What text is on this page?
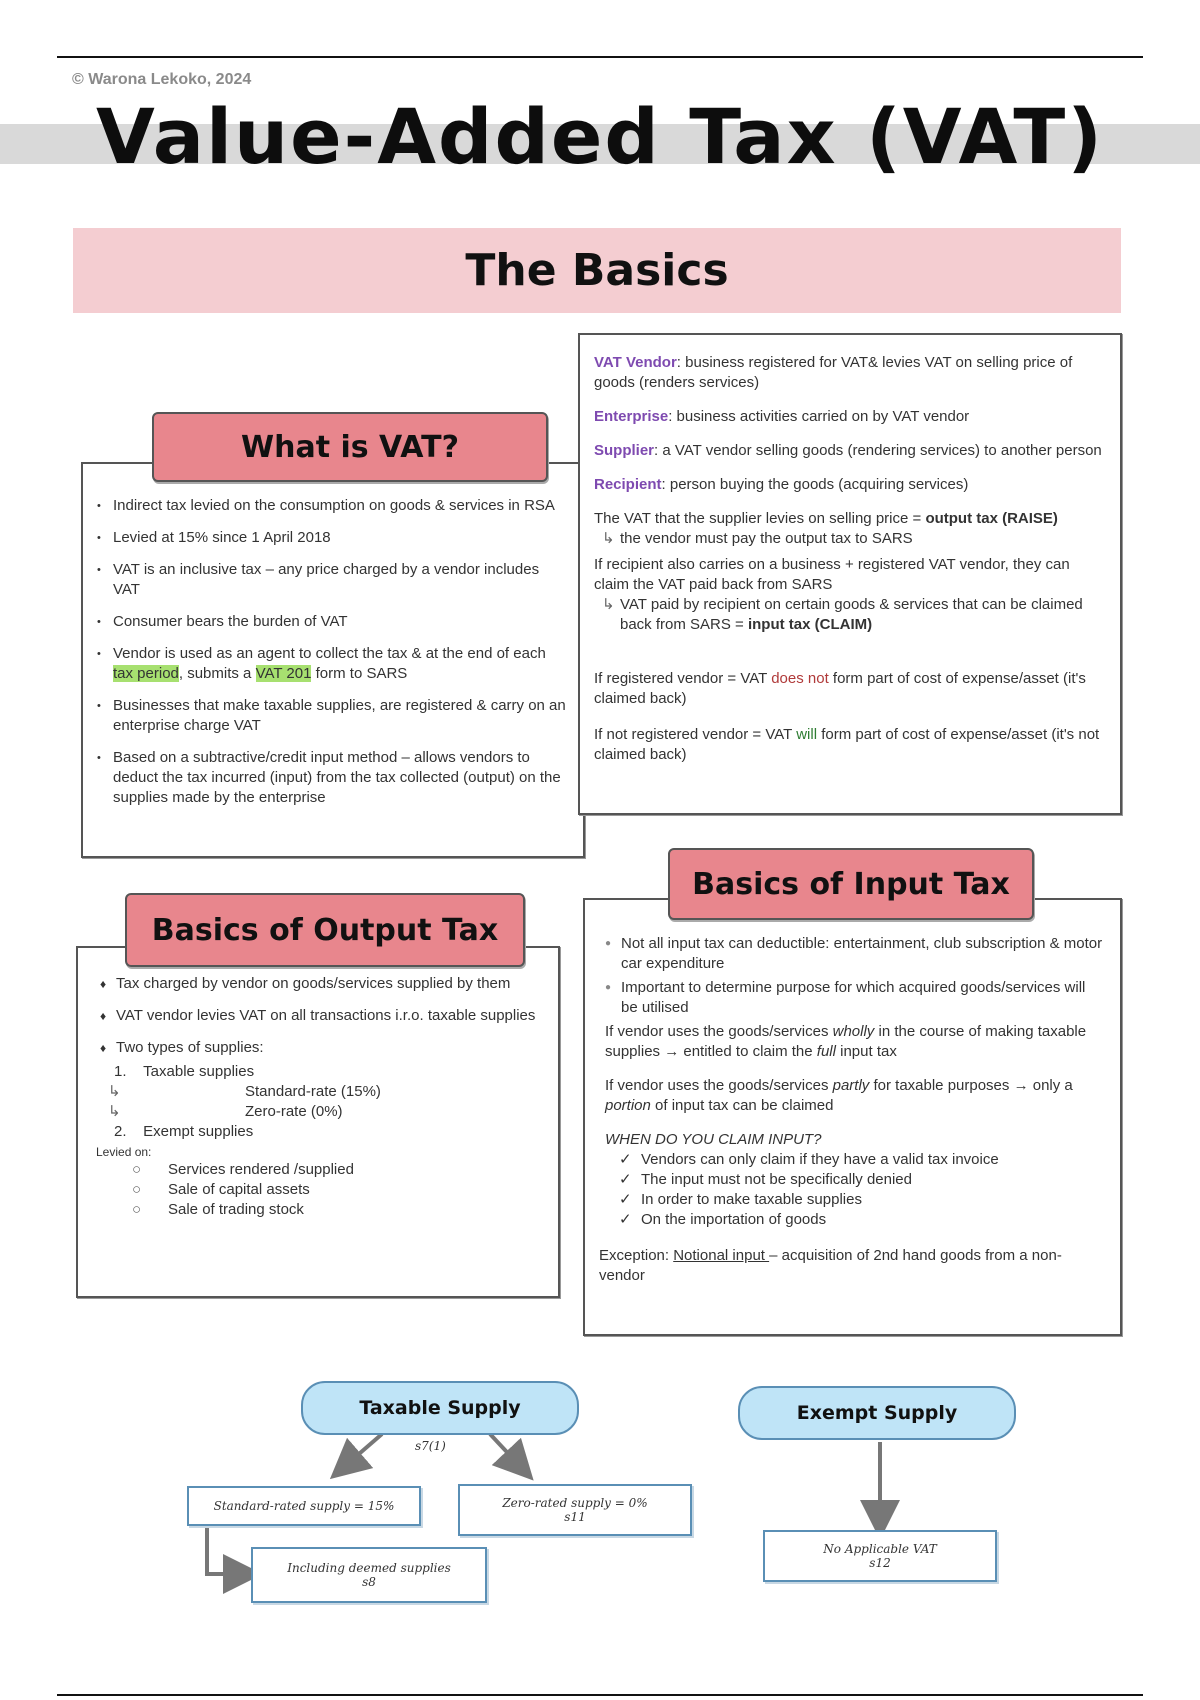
© Warona Lekoko, 2024
Value-Added Tax (VAT)
The Basics
• Indirect tax levied on the consumption on goods & services in RSA
• Levied at 15% since 1 April 2018
• VAT is an inclusive tax – any price charged by a vendor includes VAT
• Consumer bears the burden of VAT
• Vendor is used as an agent to collect the tax & at the end of each tax period, submits a VAT 201 form to SARS
• Businesses that make taxable supplies, are registered & carry on an enterprise charge VAT
• Based on a subtractive/credit input method – allows vendors to deduct the tax incurred (input) from the tax collected (output) on the supplies made by the enterprise
What is VAT?

VAT Vendor: business registered for VAT& levies VAT on selling price of goods (renders services)

Enterprise: business activities carried on by VAT vendor

Supplier: a VAT vendor selling goods (rendering services) to another person

Recipient: person buying the goods (acquiring services)

The VAT that the supplier levies on selling price = output tax (RAISE)
↳ the vendor must pay the output tax to SARS
If recipient also carries on a business + registered VAT vendor, they can claim the VAT paid back from SARS
↳ VAT paid by recipient on certain goods & services that can be claimed back from SARS = input tax (CLAIM)

If registered vendor = VAT does not form part of cost of expense/asset (it's claimed back)

If not registered vendor = VAT will form part of cost of expense/asset (it's not claimed back)

♦ Tax charged by vendor on goods/services supplied by them
♦ VAT vendor levies VAT on all transactions i.r.o. taxable supplies
♦ Two types of supplies:
1.    Taxable supplies
↳ Standard-rate (15%)
↳ Zero-rate (0%)
2.    Exempt supplies
Levied on:
○ Services rendered /supplied
○ Sale of capital assets
○ Sale of trading stock
Basics of Output Tax
●	Not all input tax can deductible: entertainment, club subscription & motor car expenditure
● Important to determine purpose for which acquired goods/services will be utilised

If vendor uses the goods/services wholly in the course of making taxable supplies → entitled to claim the full input tax

If vendor uses the goods/services partly for taxable purposes → only a portion of input tax can be claimed

WHEN DO YOU CLAIM INPUT?
✓ Vendors can only claim if they have a valid tax invoice
✓ The input must not be specifically denied
✓ In order to make taxable supplies
✓ On the importation of goods
Exception: Notional input – acquisition of 2nd hand goods from a non-vendor
Basics of Input Tax
Taxable Supply
s7(1)
Standard-rated supply = 15%	Zero-rated supply = 0%
s11
Including deemed supplies
s8
Exempt Supply
No Applicable VAT
s12
